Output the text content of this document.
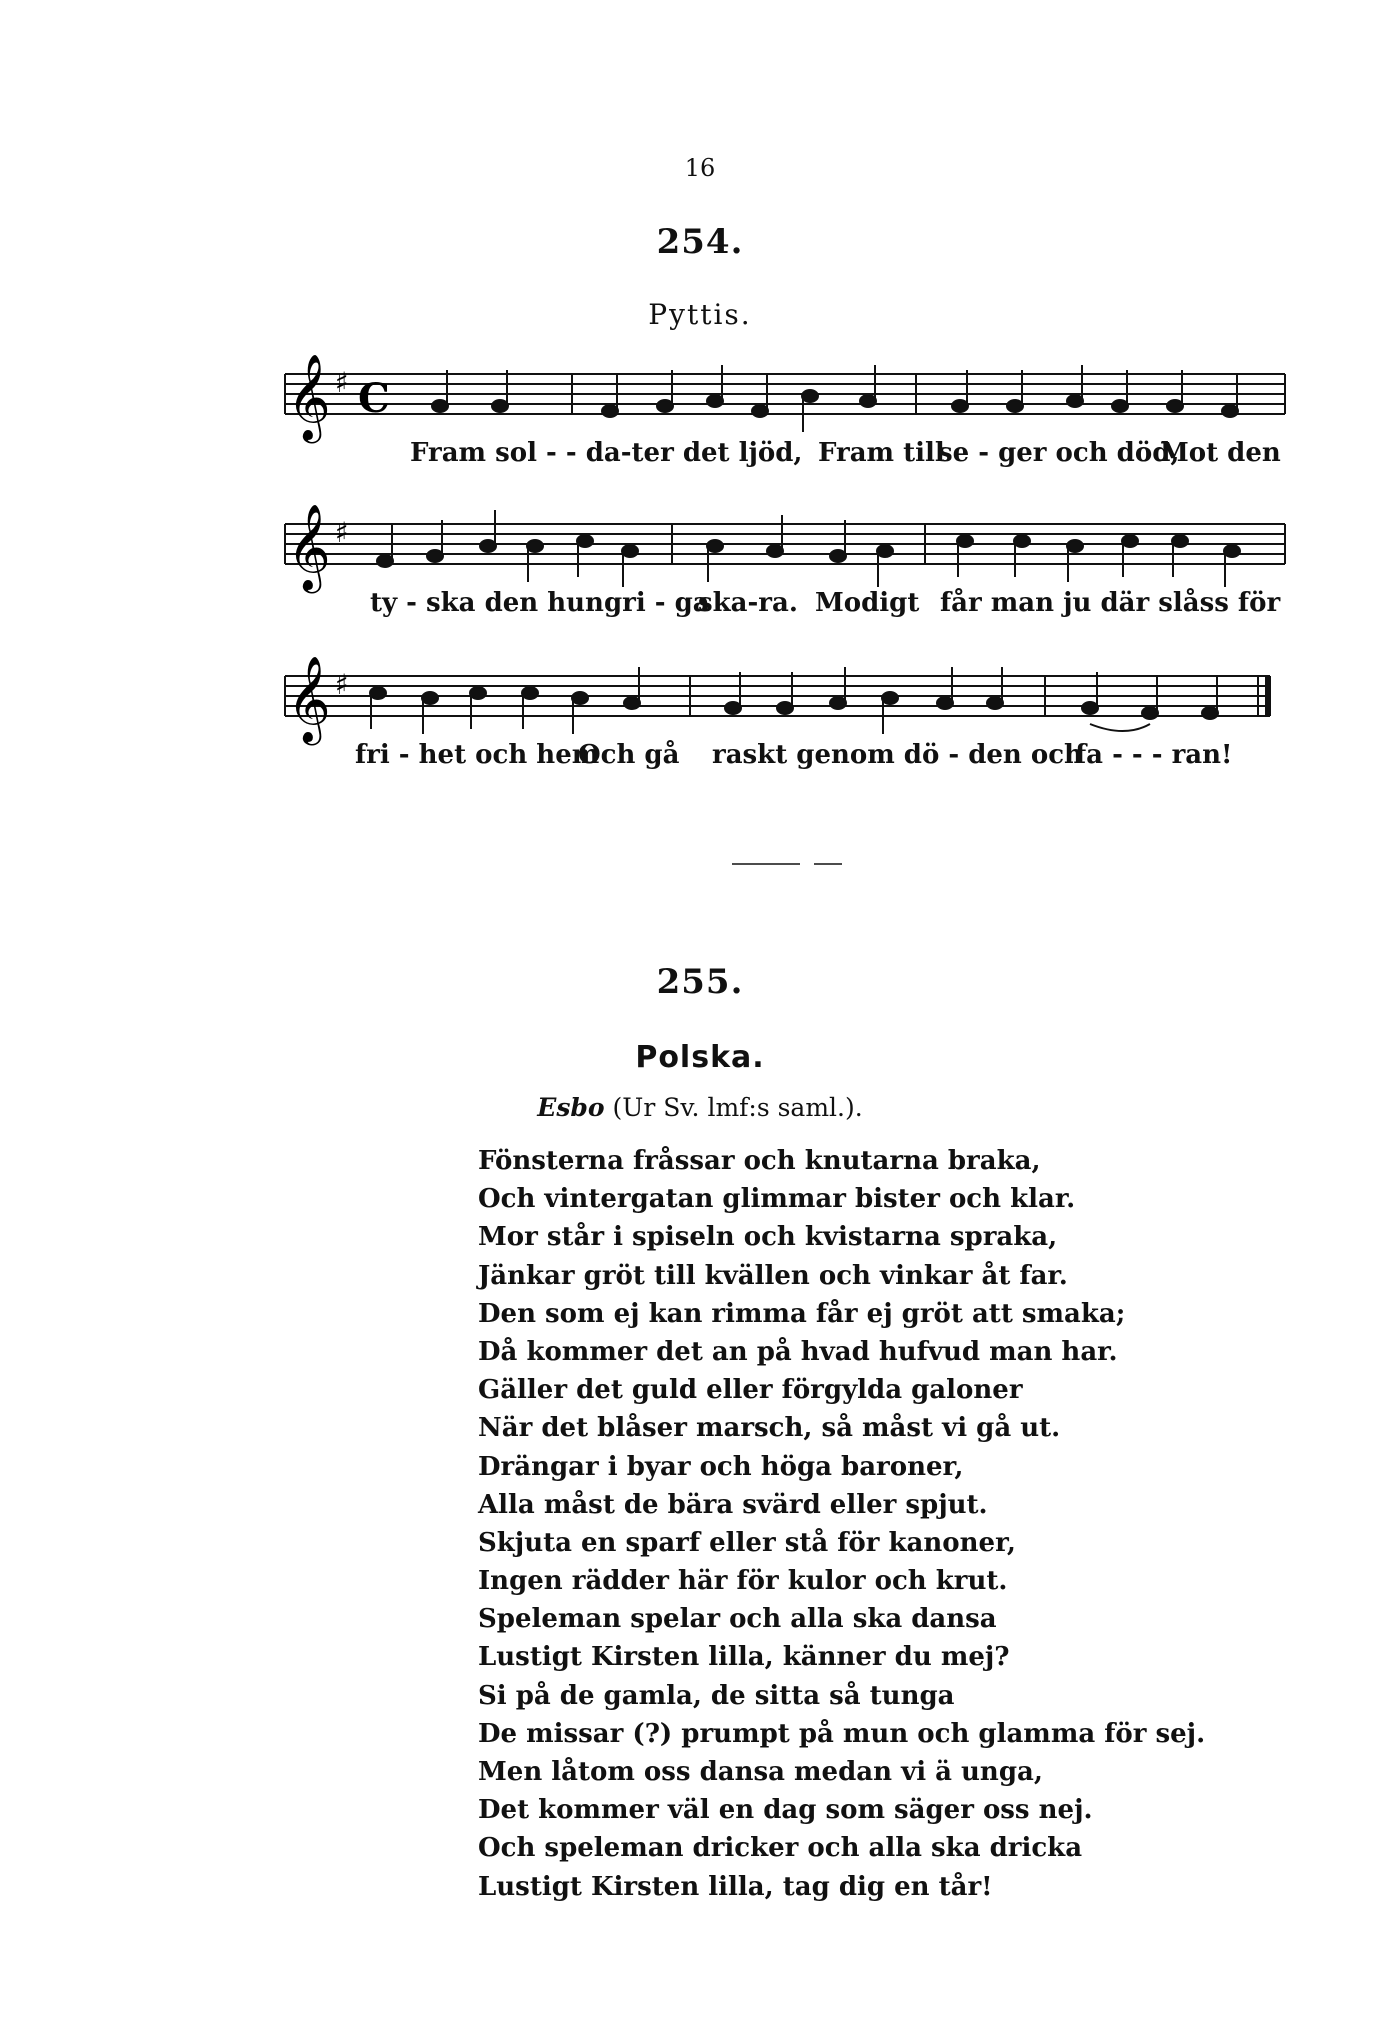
16
254.
Pyttis.
𝄞 ♯ C
Fram sol - - da-ter det ljöd, Fram till
se - ger och död,
Mot den
𝄞 ♯
ty - ska den hungri - ga
ska-ra. Modigt får man ju där slåss för
𝄞 ♯
fri - het och hem
Och gå raskt genom dö - den och
fa - - - ran!
255.
Polska.
Esbo (Ur Sv. lmf:s saml.).
Fönsterna fråssar och knutarna braka,
Och vintergatan glimmar bister och klar.
Mor står i spiseln och kvistarna spraka,
Jänkar gröt till kvällen och vinkar åt far.
Den som ej kan rimma får ej gröt att smaka;
Då kommer det an på hvad hufvud man har.
Gäller det guld eller förgylda galoner
När det blåser marsch, så måst vi gå ut.
Drängar i byar och höga baroner,
Alla måst de bära svärd eller spjut.
Skjuta en sparf eller stå för kanoner,
Ingen rädder här för kulor och krut.
Speleman spelar och alla ska dansa
Lustigt Kirsten lilla, känner du mej?
Si på de gamla, de sitta så tunga
De missar (?) prumpt på mun och glamma för sej.
Men låtom oss dansa medan vi ä unga,
Det kommer väl en dag som säger oss nej.
Och speleman dricker och alla ska dricka
Lustigt Kirsten lilla, tag dig en tår!
